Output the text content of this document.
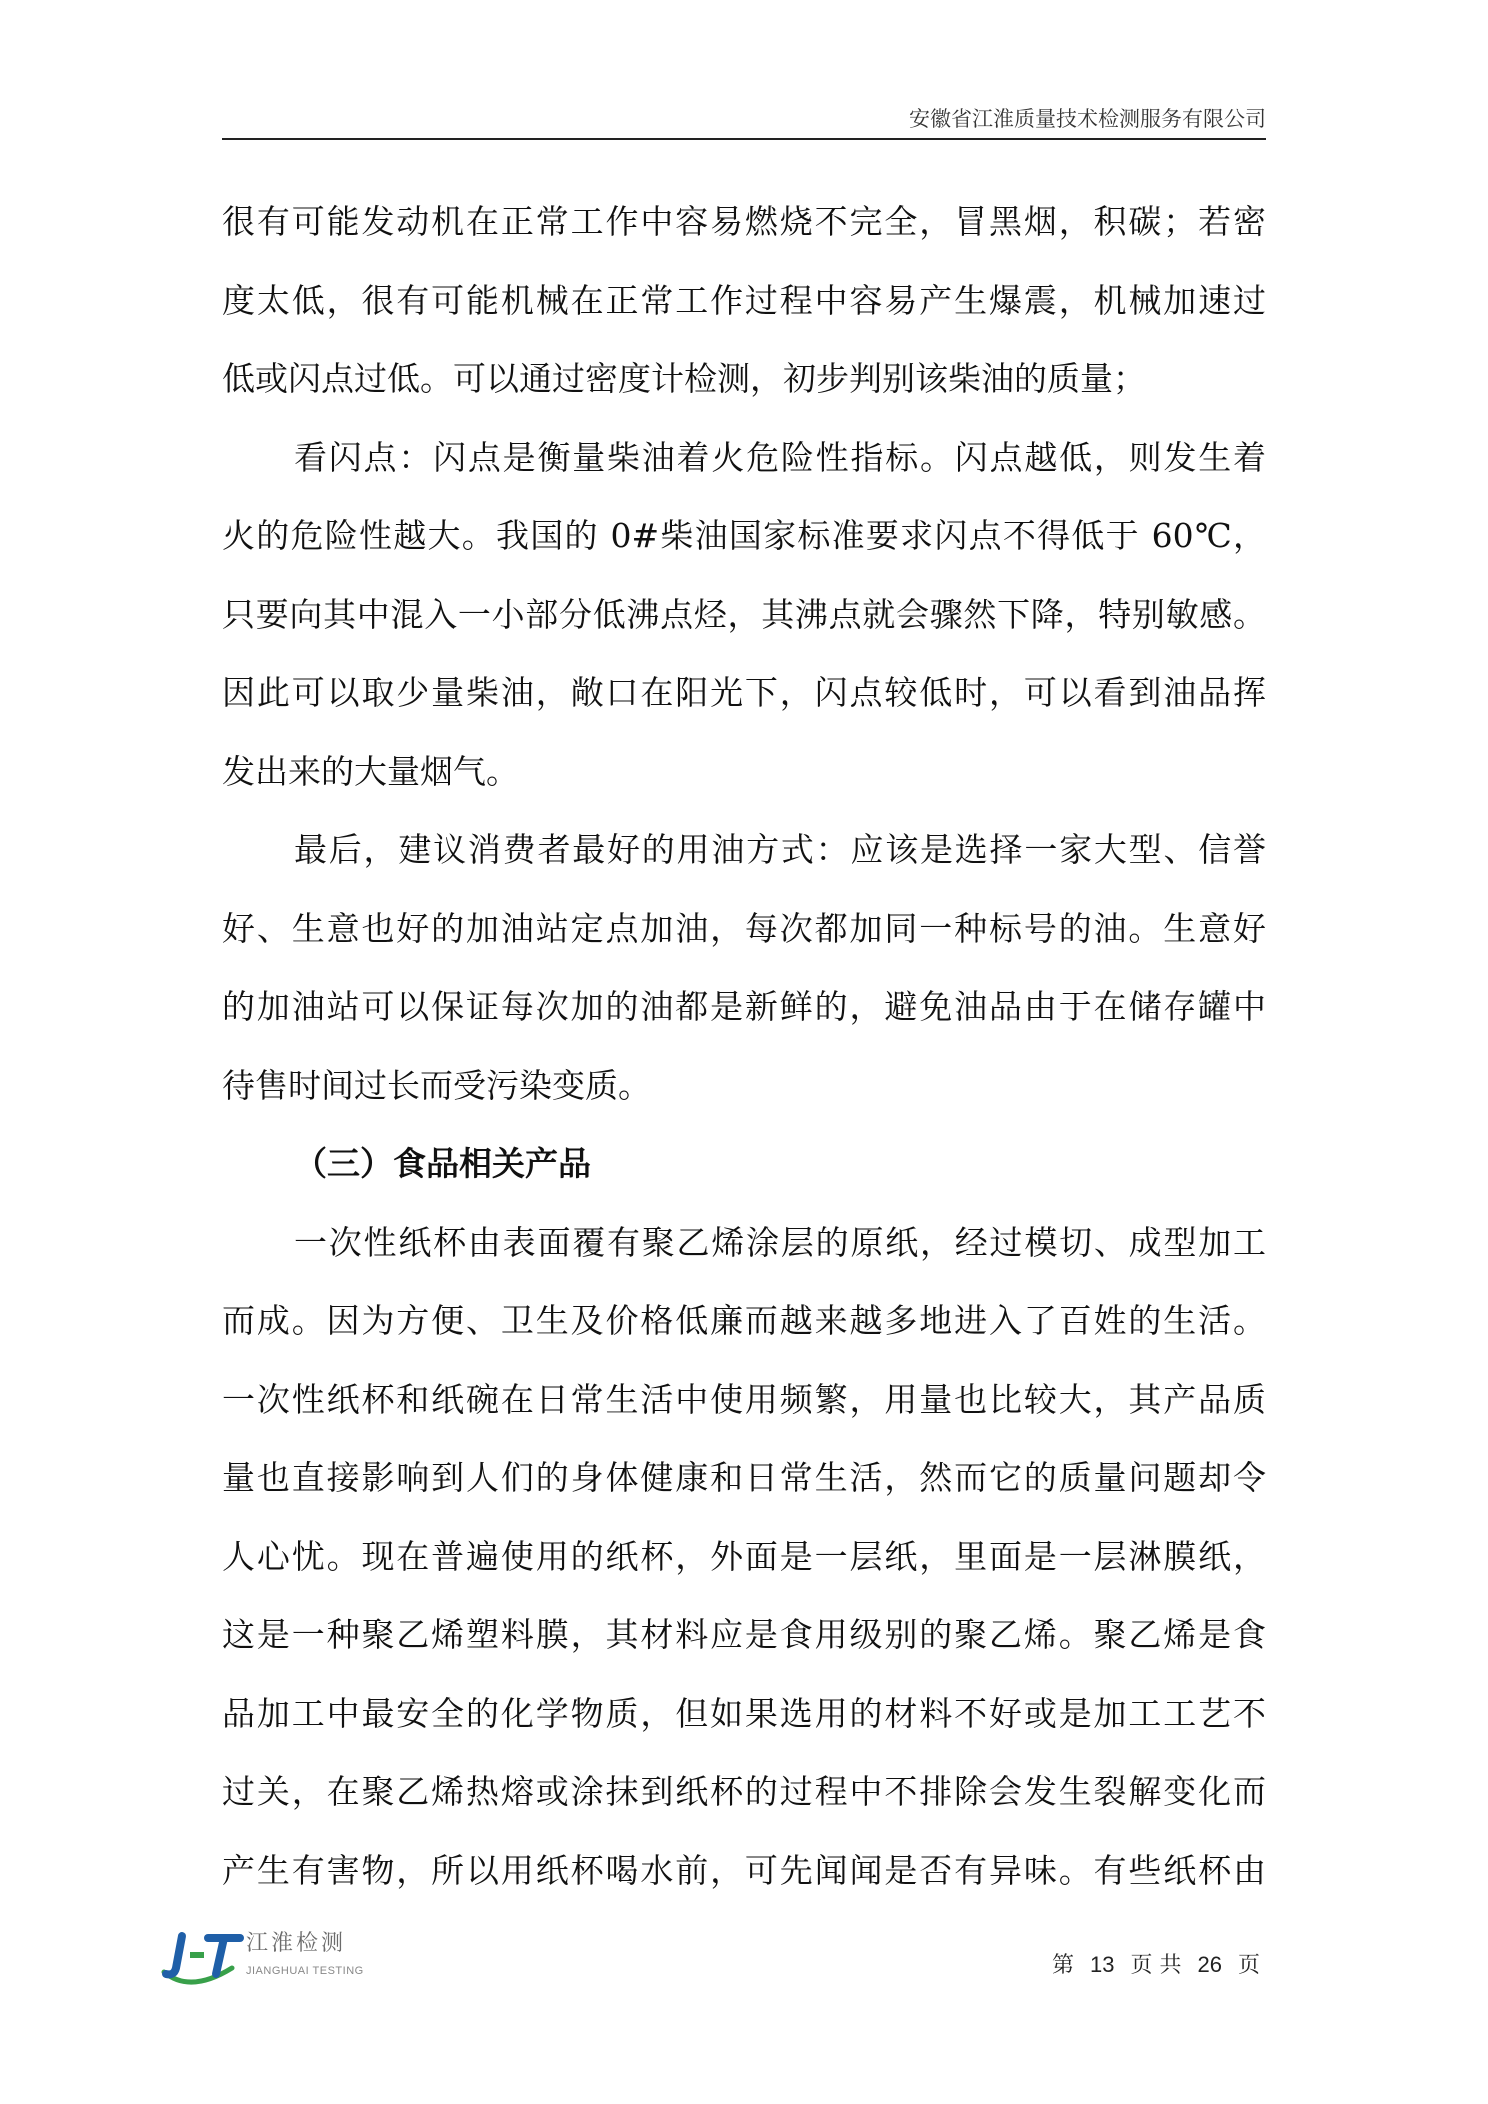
安徽省江淮质量技术检测服务有限公司
很有可能发动机在正常工作中容易燃烧不完全，冒黑烟，积碳；若密
度太低，很有可能机械在正常工作过程中容易产生爆震，机械加速过
低或闪点过低。可以通过密度计检测，初步判别该柴油的质量；
看闪点：闪点是衡量柴油着火危险性指标。闪点越低，则发生着
火的危险性越大。我国的 0#柴油国家标准要求闪点不得低于 60℃，
只要向其中混入一小部分低沸点烃，其沸点就会骤然下降，特别敏感。
因此可以取少量柴油，敞口在阳光下，闪点较低时，可以看到油品挥
发出来的大量烟气。
最后，建议消费者最好的用油方式：应该是选择一家大型、信誉
好、生意也好的加油站定点加油，每次都加同一种标号的油。生意好
的加油站可以保证每次加的油都是新鲜的，避免油品由于在储存罐中
待售时间过长而受污染变质。
（三）食品相关产品
一次性纸杯由表面覆有聚乙烯涂层的原纸，经过模切、成型加工
而成。因为方便、卫生及价格低廉而越来越多地进入了百姓的生活。
一次性纸杯和纸碗在日常生活中使用频繁，用量也比较大，其产品质
量也直接影响到人们的身体健康和日常生活，然而它的质量问题却令
人心忧。现在普遍使用的纸杯，外面是一层纸，里面是一层淋膜纸，
这是一种聚乙烯塑料膜，其材料应是食用级别的聚乙烯。聚乙烯是食
品加工中最安全的化学物质，但如果选用的材料不好或是加工工艺不
过关，在聚乙烯热熔或涂抹到纸杯的过程中不排除会发生裂解变化而
产生有害物，所以用纸杯喝水前，可先闻闻是否有异味。有些纸杯由
江淮检测
JIANGHUAI TESTING	第 13 页 共 26 页
